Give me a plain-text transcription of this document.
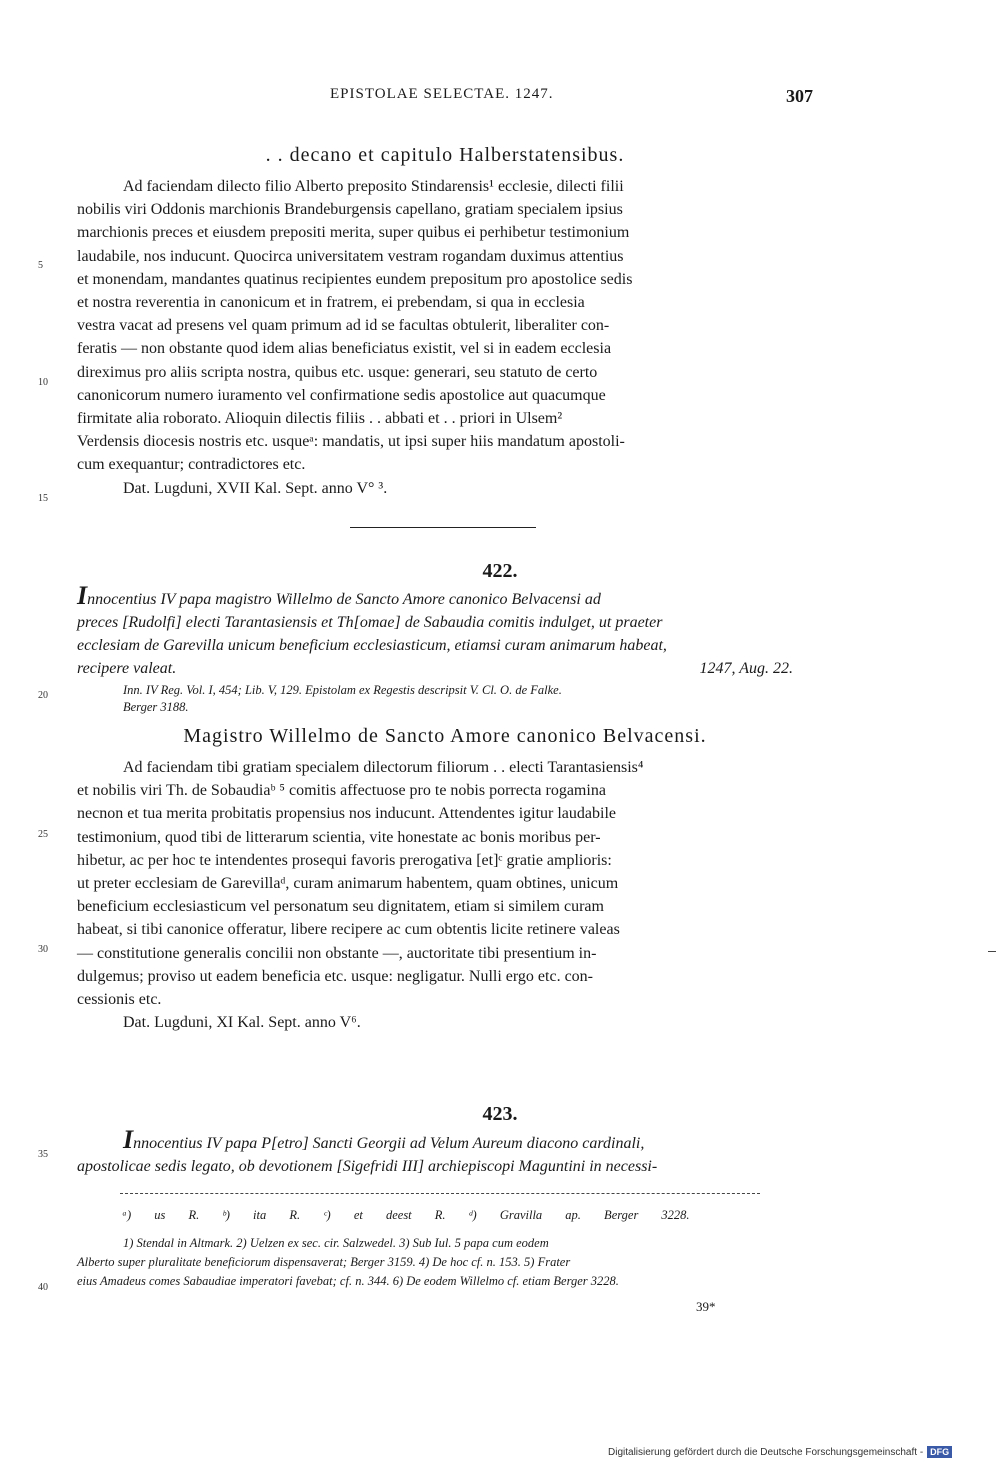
EPISTOLAE SELECTAE. 1247.	307
5
10
15
20
25
30
35
40
. . decano et capitulo Halberstatensibus.
Ad faciendam dilecto filio Alberto preposito Stindarensis¹ ecclesie, dilecti filii
nobilis viri Oddonis marchionis Brandeburgensis capellano, gratiam specialem ipsius
marchionis preces et eiusdem prepositi merita, super quibus ei perhibetur testimonium
laudabile, nos inducunt. Quocirca universitatem vestram rogandam duximus attentius
et monendam, mandantes quatinus recipientes eundem prepositum pro apostolice sedis
et nostra reverentia in canonicum et in fratrem, ei prebendam, si qua in ecclesia
vestra vacat ad presens vel quam primum ad id se facultas obtulerit, liberaliter con-
feratis — non obstante quod idem alias beneficiatus existit, vel si in eadem ecclesia
direximus pro aliis scripta nostra, quibus etc. usque: generari, seu statuto de certo
canonicorum numero iuramento vel confirmatione sedis apostolice aut quacumque
firmitate alia roborato. Alioquin dilectis filiis . . abbati et . . priori in Ulsem²
Verdensis diocesis nostris etc. usqueᵃ: mandatis, ut ipsi super hiis mandatum apostoli-
cum exequantur; contradictores etc.
Dat. Lugduni, XVII Kal. Sept. anno V° ³.
422.
Innocentius IV papa magistro Willelmo de Sancto Amore canonico Belvacensi ad
preces [Rudolfi] electi Tarantasiensis et Th[omae] de Sabaudia comitis indulget, ut praeter
ecclesiam de Garevilla unicum beneficium ecclesiasticum, etiamsi curam animarum habeat,
recipere valeat.	1247, Aug. 22.
Inn. IV Reg. Vol. I, 454; Lib. V, 129. Epistolam ex Regestis descripsit V. Cl. O. de Falke.
Berger 3188.
Magistro Willelmo de Sancto Amore canonico Belvacensi.
Ad faciendam tibi gratiam specialem dilectorum filiorum . . electi Tarantasiensis⁴
et nobilis viri Th. de Sobaudiaᵇ ⁵ comitis affectuose pro te nobis porrecta rogamina
necnon et tua merita probitatis propensius nos inducunt. Attendentes igitur laudabile
testimonium, quod tibi de litterarum scientia, vite honestate ac bonis moribus per-
hibetur, ac per hoc te intendentes prosequi favoris prerogativa [et]ᶜ gratie amplioris:
ut preter ecclesiam de Garevillaᵈ, curam animarum habentem, quam obtines, unicum
beneficium ecclesiasticum vel personatum seu dignitatem, etiam si similem curam
habeat, si tibi canonice offeratur, libere recipere ac cum obtentis licite retinere valeas
— constitutione generalis concilii non obstante —, auctoritate tibi presentium in-
dulgemus; proviso ut eadem beneficia etc. usque: negligatur. Nulli ergo etc. con-
cessionis etc.
Dat. Lugduni, XI Kal. Sept. anno V⁶.
423.
Innocentius IV papa P[etro] Sancti Georgii ad Velum Aureum diacono cardinali,
apostolicae sedis legato, ob devotionem [Sigefridi III] archiepiscopi Maguntini in necessi-
ᵃ) us R. ᵇ) ita R. ᶜ) et deest R. ᵈ) Gravilla ap. Berger 3228.
1) Stendal in Altmark. 2) Uelzen ex sec. cir. Salzwedel. 3) Sub Iul. 5 papa cum eodem
Alberto super pluralitate beneficiorum dispensaverat; Berger 3159. 4) De hoc cf. n. 153. 5) Frater
eius Amadeus comes Sabaudiae imperatori favebat; cf. n. 344. 6) De eodem Willelmo cf. etiam Berger 3228.
39*
Digitalisierung gefördert durch die Deutsche Forschungsgemeinschaft - DFG
